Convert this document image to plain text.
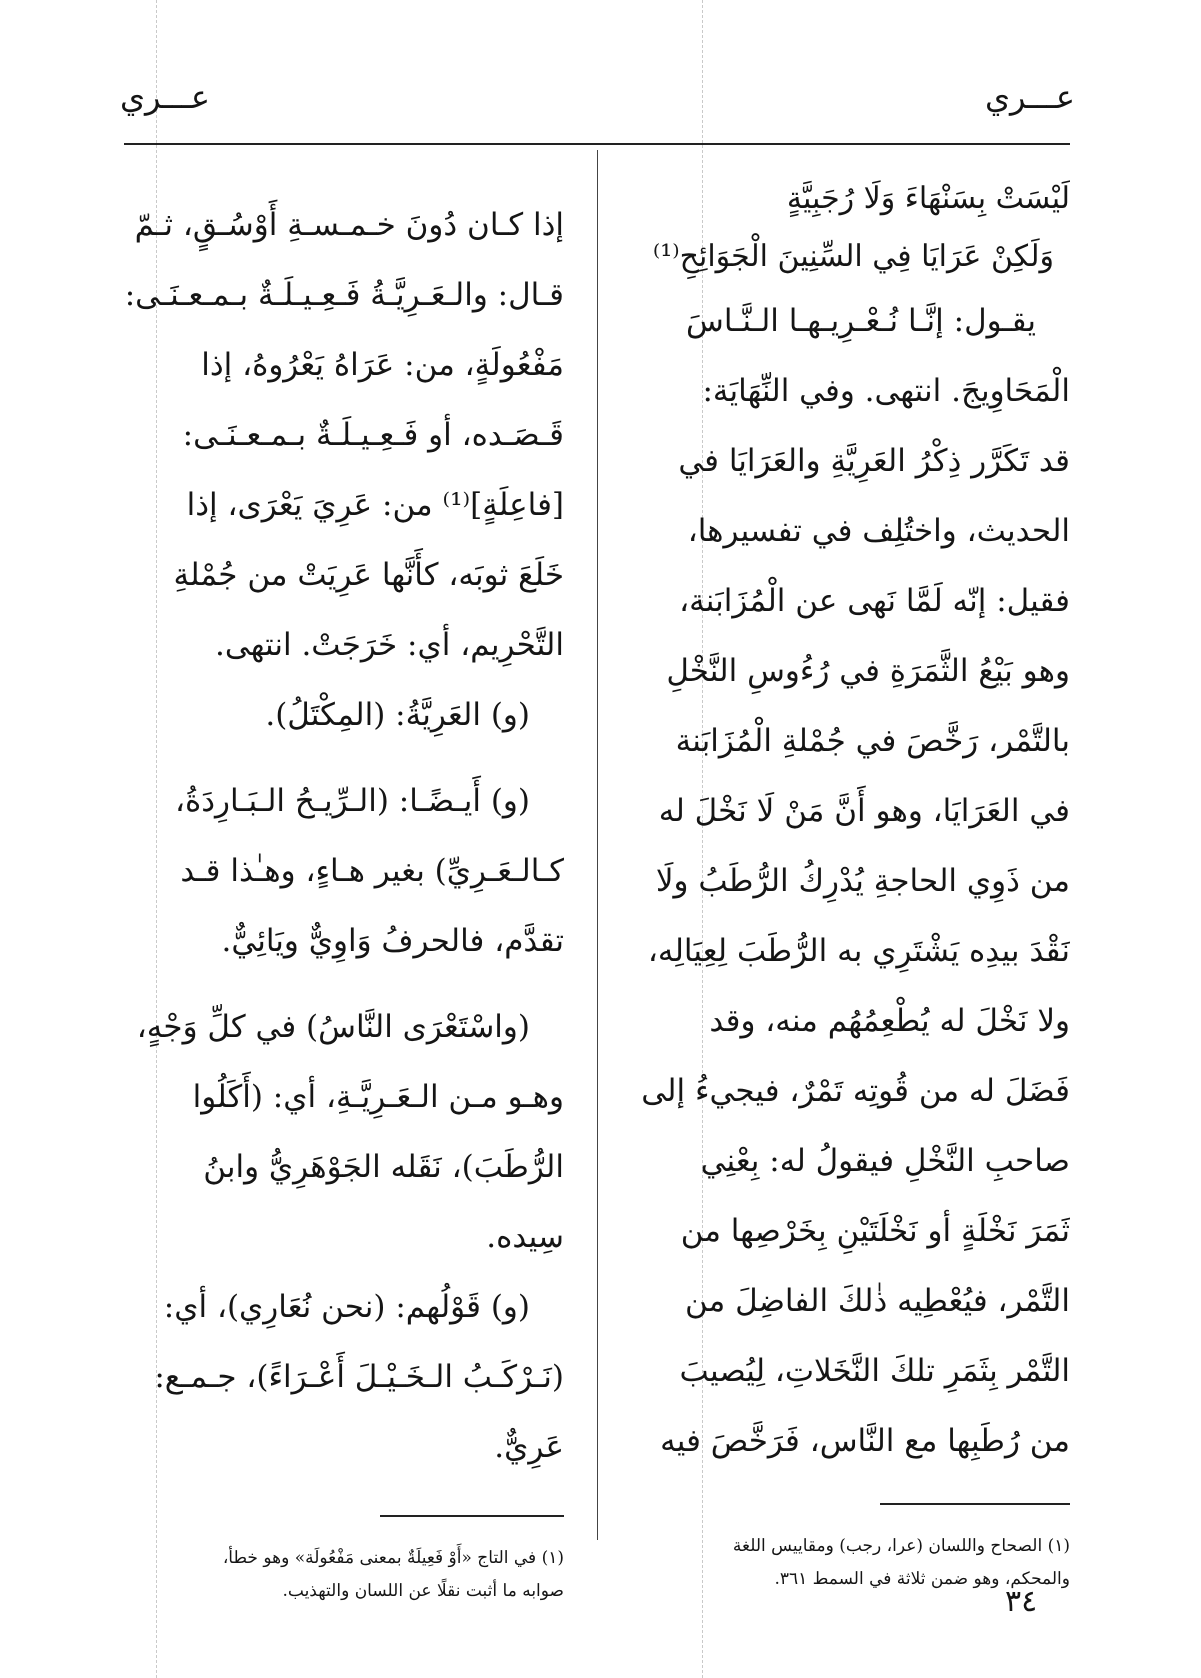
عـــري
عـــري
لَيْسَتْ بِسَنْهَاءَ وَلَا رُجَبِيَّةٍ
وَلَكِنْ عَرَايَا فِي السِّنِينَ الْجَوَائِحِ⁽¹⁾
يقـول: إنَّـا نُـعْـرِيـهـا الـنَّـاسَ
الْمَحَاوِيجَ. انتهى. وفي النِّهَايَة:
قد تَكَرَّر ذِكْرُ العَرِيَّةِ والعَرَايَا في
الحديث، واختُلِف في تفسيرها،
فقيل: إنّه لَمَّا نَهى عن الْمُزَابَنة،
وهو بَيْعُ الثَّمَرَةِ في رُءُوسِ النَّخْلِ
بالتَّمْر، رَخَّصَ في جُمْلةِ الْمُزَابَنة
في العَرَايَا، وهو أَنَّ مَنْ لَا نَخْلَ له
من ذَوِي الحاجةِ يُدْرِكُ الرُّطَبُ ولَا
نَقْدَ بيدِه يَشْتَرِي به الرُّطَبَ لِعِيَالِه،
ولا نَخْلَ له يُطْعِمُهُم منه، وقد
فَضَلَ له من قُوتِه تَمْرٌ، فيجيءُ إلى
صاحبِ النَّخْلِ فيقولُ له: بِعْنِي
ثَمَرَ نَخْلَةٍ أو نَخْلَتَيْنِ بِخَرْصِها من
التَّمْر، فيُعْطِيه ذٰلكَ الفاضِلَ من
التَّمْر بِثَمَرِ تلكَ النَّخَلاتِ، لِيُصيبَ
من رُطَبِها مع النَّاس، فَرَخَّصَ فيه
إذا كـان دُونَ خـمـسـةِ أَوْسُـقٍ، ثـمّ
قـال: والـعَـرِيَّـةُ فَـعِـيـلَـةٌ بـمـعـنَـى:
مَفْعُولَةٍ، من: عَرَاهُ يَعْرُوهُ، إذا
قَـصَـده، أو فَـعِـيـلَـةٌ بـمـعـنَـى:
[فاعِلَةٍ]⁽¹⁾ من: عَرِيَ يَعْرَى، إذا
خَلَعَ ثوبَه، كأَنَّها عَرِيَتْ من جُمْلةِ
التَّحْرِيم، أي: خَرَجَتْ. انتهى.
(و) العَرِيَّةُ: (المِكْتَلُ).
(و) أَيـضًـا: (الـرِّيـحُ الـبَـارِدَةُ،
كـالـعَـرِيِّ) بغير هـاءٍ، وهـٰذا قـد
تقدَّم، فالحرفُ وَاوِيٌّ ويَائِيٌّ.
(واسْتَعْرَى النَّاسُ) في كلِّ وَجْهٍ،
وهـو مـن الـعَـرِيَّـةِ، أي: (أَكَلُوا
الرُّطَبَ)، نَقَله الجَوْهَرِيُّ وابنُ
سِيده.
(و) قَوْلُهم: (نحن نُعَارِي)، أي:
(نَـرْكَـبُ الـخَـيْـلَ أَعْـرَاءً)، جـمـع:
عَرِيٌّ.
(١) الصحاح واللسان (عرا، رجب) ومقاييس اللغة
والمحكم، وهو ضمن ثلاثة في السمط ٣٦١.
(١) في التاج «أَوْ فَعِيلَةٌ بمعنى مَفْعُولَة» وهو خطأ،
صوابه ما أثبت نقلًا عن اللسان والتهذيب.	٣٤
